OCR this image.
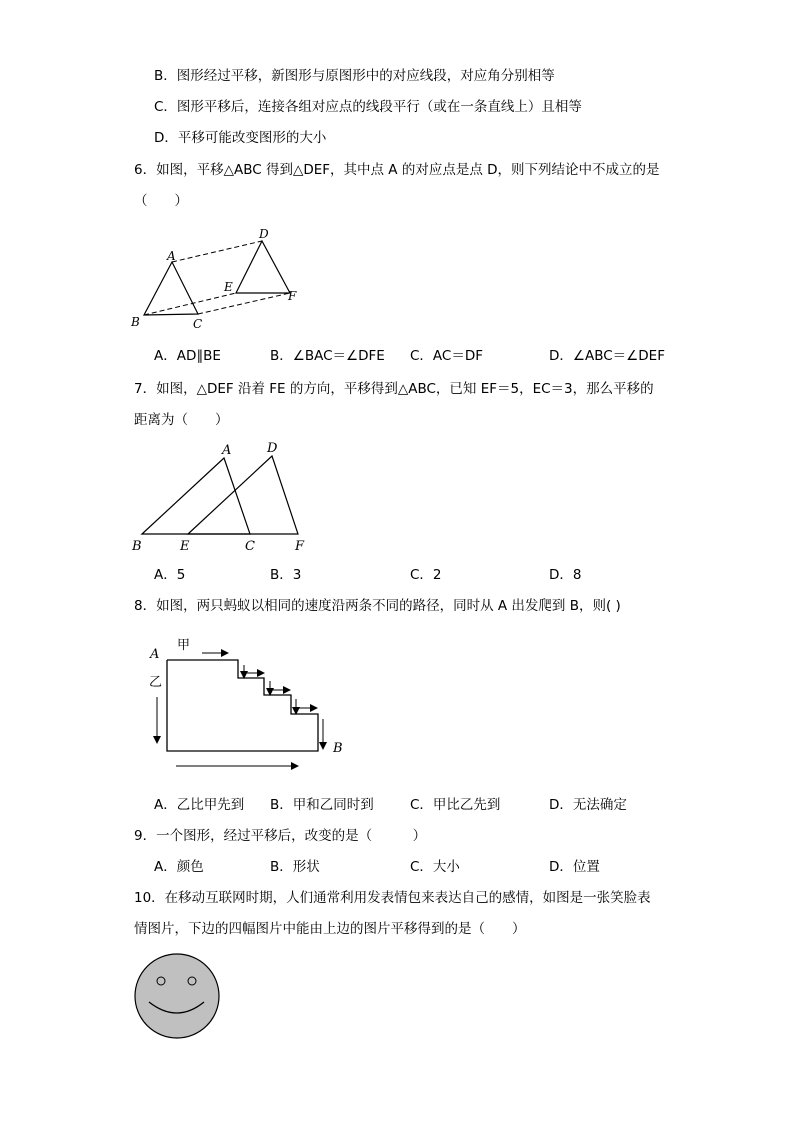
B．图形经过平移，新图形与原图形中的对应线段，对应角分别相等
C．图形平移后，连接各组对应点的线段平行（或在一条直线上）且相等
D．平移可能改变图形的大小
6．如图，平移△ABC 得到△DEF，其中点 A 的对应点是点 D，则下列结论中不成立的是
（　　）
A
B	C
D
E
F
A．AD∥BE	B．∠BAC＝∠DFE C．AC＝DF	D．∠ABC＝∠DEF
7．如图，△DEF 沿着 FE 的方向，平移得到△ABC，已知 EF＝5，EC＝3，那么平移的
距离为（　　）
A	D
B	E	C	F
A．5	B．3	C．2	D．8
8．如图，两只蚂蚁以相同的速度沿两条不同的路径，同时从 A 出发爬到 B，则( )
A
B
甲
乙
A．乙比甲先到 B．甲和乙同时到	C．甲比乙先到	D．无法确定
9．一个图形，经过平移后，改变的是（　　　）
A．颜色	B．形状	C．大小	D．位置
10．在移动互联网时期，人们通常利用发表情包来表达自己的感情，如图是一张笑脸表
情图片，下边的四幅图片中能由上边的图片平移得到的是（　　）
